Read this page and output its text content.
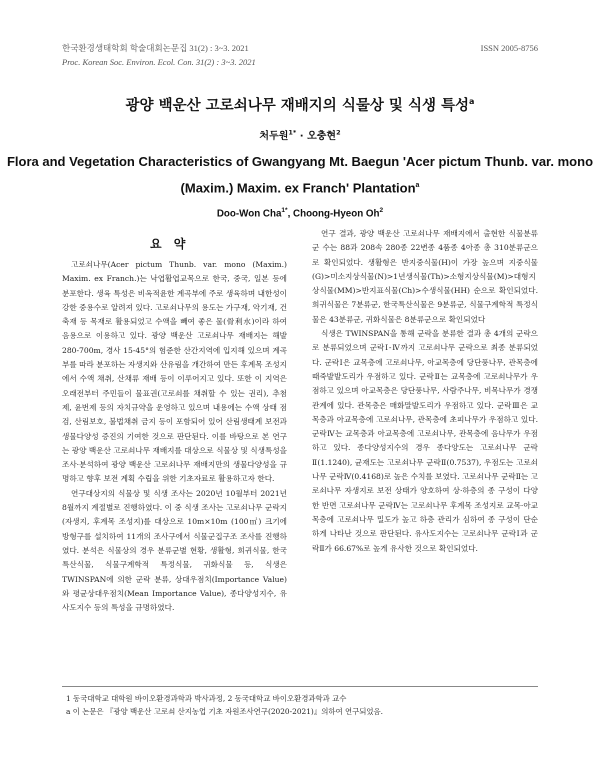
한국환경생태학회 학술대회논문집 31(2) : 3~3. 2021
Proc. Korean Soc. Environ. Ecol. Con. 31(2) : 3~3. 2021
ISSN 2005-8756
광양 백운산 고로쇠나무 재배지의 식물상 및 식생 특성$^a$
처두원$^{1*}$ · 오충현$^2$
Flora and Vegetation Characteristics of Gwangyang Mt. Baegun 'Acer pictum Thunb. var. mono
(Maxim.) Maxim. ex Franch' Plantation$^a$
Doo-Won Cha$^{1*}$, Choong-Hyeon Oh$^2$
요 약

고로쇠나무(Acer pictum Thunb. var. mono (Maxim.) Maxim. ex Franch.)는 낙엽활엽교목으로 한국, 중국, 일본 등에 분포한다. 생육 특성은 비옥적윤한 계곡부에 주로 생육하며 내한성이 강한 중용수로 알려져 있다. 고로쇠나무의 용도는 가구재, 악기재, 건축재 등 목재로 활용되었고 수액을 빼여 좋은 물(骨利水)이라 하여 음용으로 이용하고 있다. 광양 백운산 고로쇠나무 재배지는 해발 280-700m, 경사 15-45°의 험준한 산간지역에 입지해 있으며 계곡부를 따라 분포하는 자생지와 산유림을 개간하여 만든 후계목 조성지에서 수액 채취, 산채류 재배 등이 이루어지고 있다. 또한 이 지역은 오래전부터 주민들이 물표권(고로쇠를 채취할 수 있는 권리), 추첨제, 윤번제 등의 자치규약을 운영하고 있으며 내용에는 수액 상태 점검, 산림보호, 불법채취 금지 등이 포함되어 있어 산림생태계 보전과 생물다양성 증진의 기여한 것으로 판단된다. 이를 바탕으로 본 연구는 광양 백운산 고로쇠나무 재배지를 대상으로 식물상 및 식생특성을 조사·분석하여 광양 백운산 고로쇠나무 재배지만의 생물다양성을 규명하고 향후 보전 계획 수립을 위한 기초자료로 활용하고자 한다.

연구대상지의 식물상 및 식생 조사는 2020년 10월부터 2021년 8월까지 계절별로 진행하였다. 이 중 식생 조사는 고로쇠나무 군락지(자생지, 후계목 조성지)를 대상으로 10m×10m (100㎡) 크기에 방형구를 설치하여 11개의 조사구에서 식물군집구조 조사를 진행하였다. 분석은 식물상의 경우 분류군별 현황, 생활형, 희귀식물, 한국특산식물, 식물구계학적 특정식물, 귀화식물 등, 식생은 TWINSPAN에 의한 군락 분류, 상대우점치(Importance Value)와 평균상대우점치(Mean Importance Value), 종다양성지수, 유사도지수 등의 특성을 규명하였다.

연구 결과, 광양 백운산 고로쇠나무 재배지에서 출현한 식물분류군 수는 88과 208속 280종 22변종 4품종 4아종 총 310분류군으로 확인되었다. 생활형은 반지중식물(H)이 가장 높으며 지중식물(G)>미소지상식물(N)>1년생식물(Th)>소형지상식물(M)>대형지상식물(MM)>반지표식물(Ch)>수생식물(HH) 순으로 확인되었다. 희귀식물은 7분류군, 한국특산식물은 9분류군, 식물구계학적 특정식물은 43분류군, 귀화식물은 8분류군으로 확인되었다

식생은 TWINSPAN을 통해 군락을 분류한 결과 총 4개의 군락으로 분류되었으며 군락Ⅰ-Ⅳ까지 고로쇠나무 군락으로 최종 분류되었다. 군락Ⅰ은 교목층에 고로쇠나무, 아교목층에 당단풍나무, 관목층에 때죽발발도리가 우점하고 있다. 군락Ⅱ는 교목층에 고로쇠나무가 우점하고 있으며 아교목층은 당단풍나무, 사람주나무, 비목나무가 경쟁관계에 있다. 관목층은 매화말발도리가 우점하고 있다. 군락Ⅲ은 교목층과 아교목층에 고로쇠나무, 관목층에 초피나무가 우점하고 있다. 군락Ⅳ는 교목층과 아교목층에 고로쇠나무, 관목층에 음나무가 우점하고 있다. 종다양성지수의 경우 종다양도는 고로쇠나무 군락Ⅱ(1.1240), 균재도는 고로쇠나무 군락Ⅱ(0.7537), 우점도는 고로쇠나무 군락Ⅳ(0.4168)로 높은 수치를 보였다. 고로쇠나무 군락Ⅱ는 고로쇠나무 자생지로 보전 상태가 양호하여 상·하층의 종 구성이 다양한 반면 고로쇠나무 군락Ⅳ는 고로쇠나무 후계목 조성지로 교목·아교목층에 고로쇠나무 밀도가 높고 하층 관리가 심하여 종 구성이 단순하게 나타난 것으로 판단된다. 유사도지수는 고로쇠나무 군락Ⅰ과 군락Ⅱ가 66.67%로 높게 유사한 것으로 확인되었다.

1 동국대학교 대학원 바이오환경과학과 박사과정, 2 동국대학교 바이오환경과학과 교수
a 이 논문은 『광양 백운산 고로쇠 산지농업 기초 자원조사연구(2020-2021)』의하여 연구되었음.
